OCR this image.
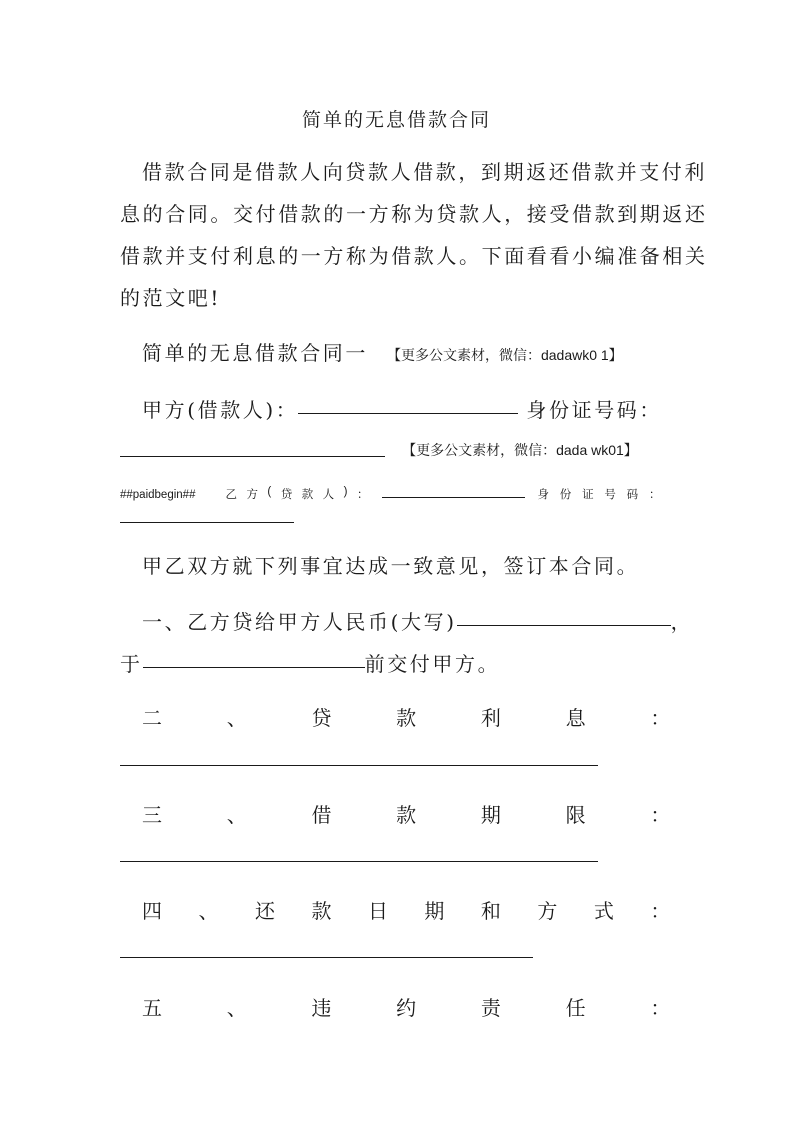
简单的无息借款合同
借款合同是借款人向贷款人借款，到期返还借款并支付利
息的合同。交付借款的一方称为贷款人，接受借款到期返还
借款并支付利息的一方称为借款人。下面看看小编准备相关
的范文吧!
简单的无息借款合同一 【更多公文素材，微信：dadawk0 1】
甲方(借款人)：	身份证号码：
【更多公文素材，微信：dada wk01】
##paidbegin##	乙 方 ( 贷 款 人 ) ：	身 份 证 号 码 ：
甲乙双方就下列事宜达成一致意见，签订本合同。
一、乙方贷给甲方人民币(大写)	，
于	前交付甲方。
二	、	贷	款	利	息	：
三	、	借	款	期	限	：
四 、 还 款 日 期 和 方 式 ：
五	、	违	约	责	任	：
